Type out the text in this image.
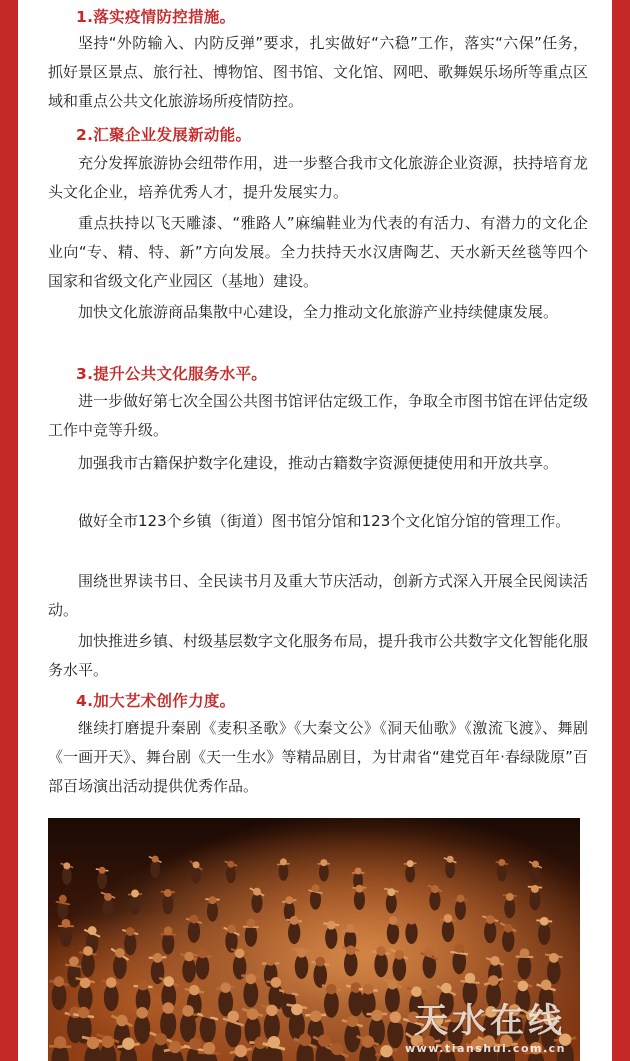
1.落实疫情防控措施。
坚持“外防输入、内防反弹”要求，扎实做好“六稳”工作，落实“六保”任务，抓好景区景点、旅行社、博物馆、图书馆、文化馆、网吧、歌舞娱乐场所等重点区域和重点公共文化旅游场所疫情防控。
2.汇聚企业发展新动能。
充分发挥旅游协会纽带作用，进一步整合我市文化旅游企业资源，扶持培育龙头文化企业，培养优秀人才，提升发展实力。
重点扶持以飞天雕漆、“雅路人”麻编鞋业为代表的有活力、有潜力的文化企业向“专、精、特、新”方向发展。全力扶持天水汉唐陶艺、天水新天丝毯等四个国家和省级文化产业园区（基地）建设。
加快文化旅游商品集散中心建设，全力推动文化旅游产业持续健康发展。
3.提升公共文化服务水平。
进一步做好第七次全国公共图书馆评估定级工作，争取全市图书馆在评估定级工作中竞等升级。
加强我市古籍保护数字化建设，推动古籍数字资源便捷使用和开放共享。
做好全市123个乡镇（街道）图书馆分馆和123个文化馆分馆的管理工作。
围绕世界读书日、全民读书月及重大节庆活动，创新方式深入开展全民阅读活动。
加快推进乡镇、村级基层数字文化服务布局，提升我市公共数字文化智能化服务水平。
4.加大艺术创作力度。
继续打磨提升秦剧《麦积圣歌》《大秦文公》《洞天仙歌》《激流飞渡》、舞剧《一画开天》、舞台剧《天一生水》等精品剧目，为甘肃省“建党百年·春绿陇原”百部百场演出活动提供优秀作品。
天水在线
www.tianshui.com.cn
